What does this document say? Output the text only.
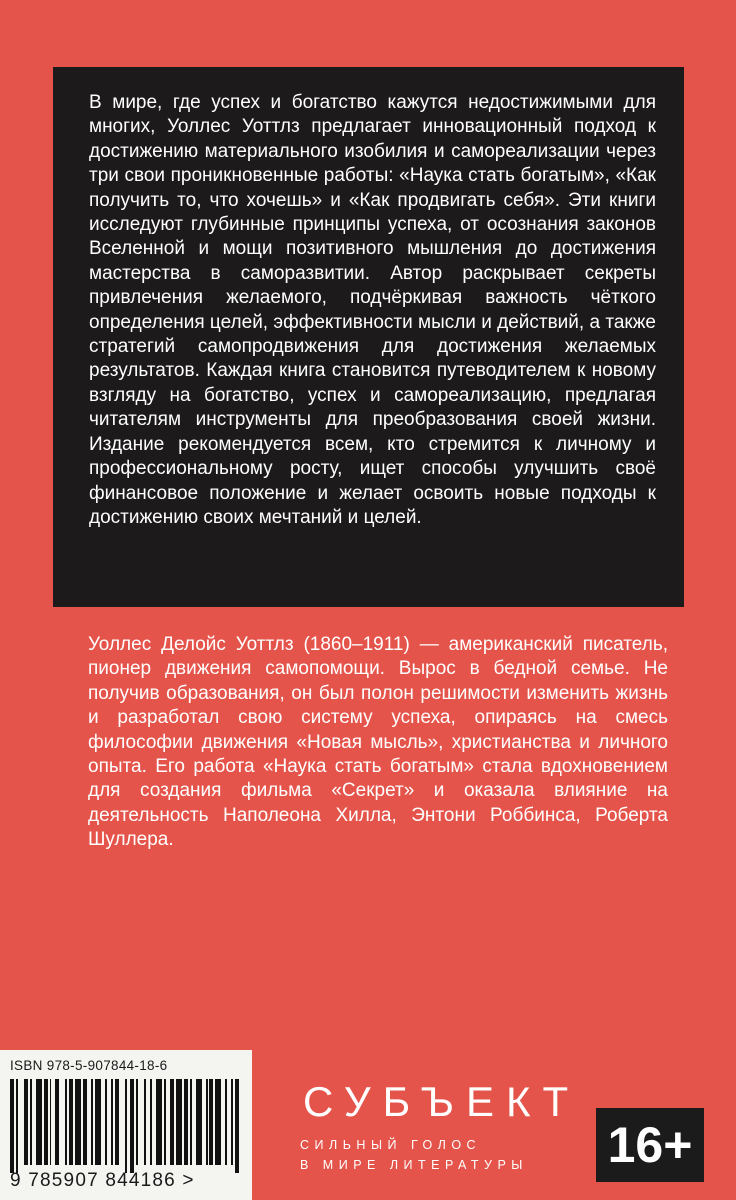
В мире, где успех и богатство кажутся недостижимыми для многих, Уоллес Уоттлз предлагает инновационный подход к достижению материального изобилия и самореализации через три свои проникновенные работы: «Наука стать богатым», «Как получить то, что хочешь» и «Как продвигать себя». Эти книги исследуют глубинные принципы успеха, от осознания законов Вселенной и мощи позитивного мышления до достижения мастерства в саморазвитии. Автор раскрывает секреты привлечения желаемого, подчёркивая важность чёткого определения целей, эффективности мысли и действий, а также стратегий самопродвижения для достижения желаемых результатов. Каждая книга становится путеводителем к новому взгляду на богатство, успех и самореализацию, предлагая читателям инструменты для преобразования своей жизни. Издание рекомендуется всем, кто стремится к личному и профессиональному росту, ищет способы улучшить своё финансовое положение и желает освоить новые подходы к достижению своих мечтаний и целей.

Уоллес Делойс Уоттлз (1860–1911) — американский писатель, пионер движения самопомощи. Вырос в бедной семье. Не получив образования, он был полон решимости изменить жизнь и разработал свою систему успеха, опираясь на смесь философии движения «Новая мысль», христианства и личного опыта. Его работа «Наука стать богатым» стала вдохновением для создания фильма «Секрет» и оказала влияние на деятельность Наполеона Хилла, Энтони Роббинса, Роберта Шуллера.

ISBN 978-5-907844-18-6
9 785907 844186 >
СУБЪЕКТ
СИЛЬНЫЙ ГОЛОС
В МИРЕ ЛИТЕРАТУРЫ 16+
